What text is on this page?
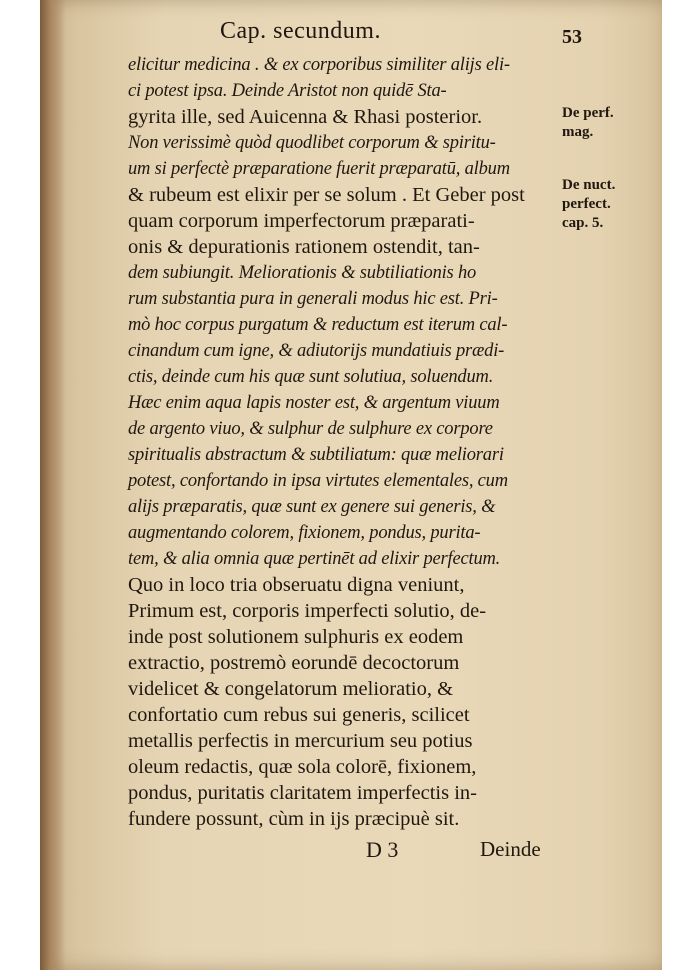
Cap. secundum.	53
elicitur medicina . & ex corporibus similiter alijs eli-
ci potest ipsa. Deinde Aristot non quidē Sta-
gyrita ille, sed Auicenna & Rhasi posterior.
Non verissimè quòd quodlibet corporum & spiritu-
um si perfectè præparatione fuerit præparatū, album
& rubeum est elixir per se solum . Et Geber post
quam corporum imperfectorum præparati-
onis & depurationis rationem ostendit, tan-
dem subiungit. Meliorationis & subtiliationis ho
rum substantia pura in generali modus hic est. Pri-
mò hoc corpus purgatum & reductum est iterum cal-
cinandum cum igne, & adiutorijs mundatiuis prædi-
ctis, deinde cum his quæ sunt solutiua, soluendum.
Hæc enim aqua lapis noster est, & argentum viuum
de argento viuo, & sulphur de sulphure ex corpore
spiritualis abstractum & subtiliatum: quæ meliorari
potest, confortando in ipsa virtutes elementales, cum
alijs præparatis, quæ sunt ex genere sui generis, &
augmentando colorem, fixionem, pondus, purita-
tem, & alia omnia quæ pertinēt ad elixir perfectum.
Quo in loco tria obseruatu digna veniunt,
Primum est, corporis imperfecti solutio, de-
inde post solutionem sulphuris ex eodem
extractio, postremò eorundē decoctorum
videlicet & congelatorum melioratio, &
confortatio cum rebus sui generis, scilicet
metallis perfectis in mercurium seu potius
oleum redactis, quæ sola colorē, fixionem,
pondus, puritatis claritatem imperfectis in-
fundere possunt, cùm in ijs præcipuè sit.
De perf.
mag.
De nuct.
perfect.
cap. 5.
D 3	Deinde
